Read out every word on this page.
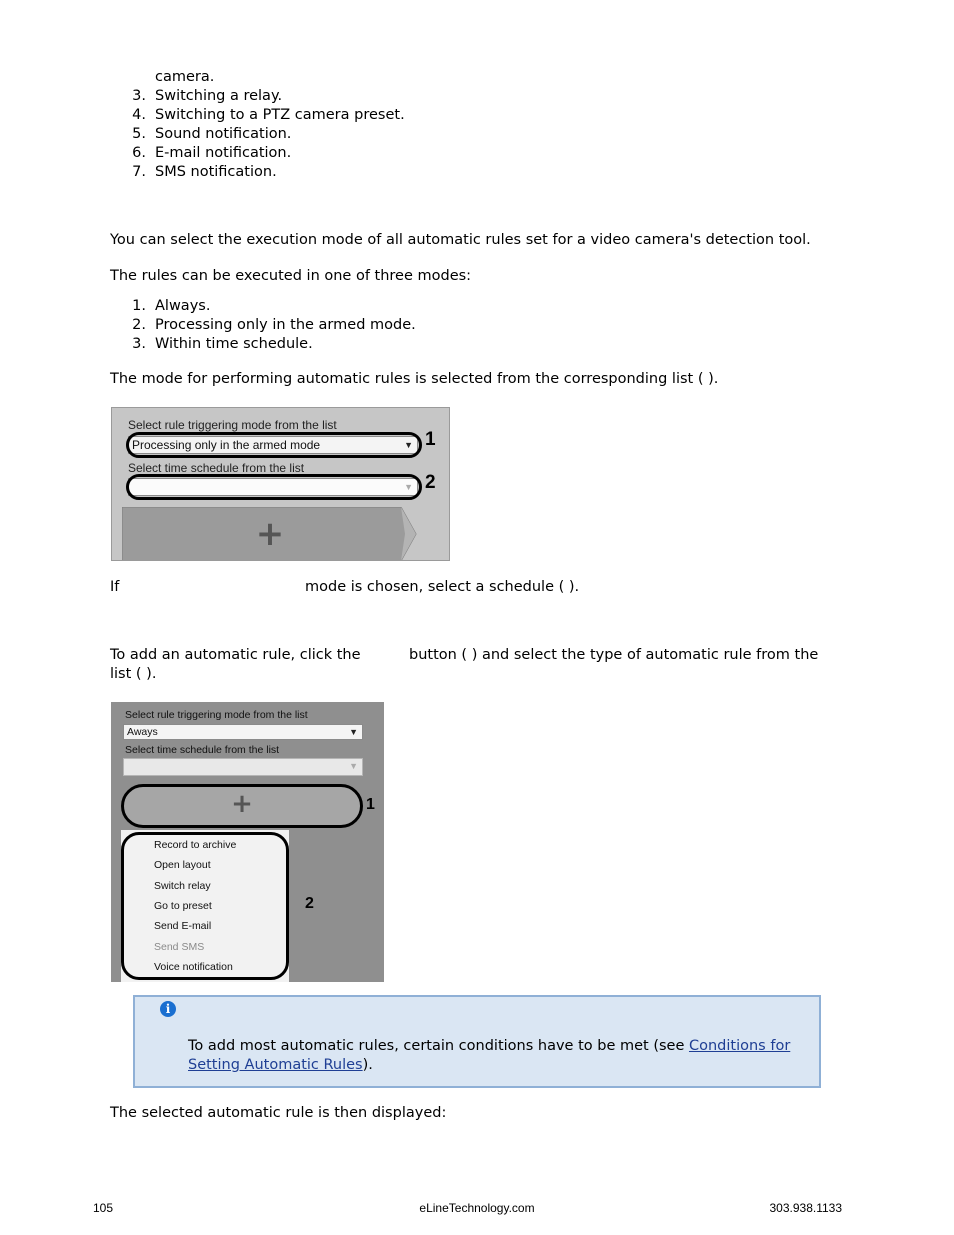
camera.
3. Switching a relay.
4. Switching to a PTZ camera preset.
5. Sound notification.
6. E-mail notification.
7. SMS notification.
You can select the execution mode of all automatic rules set for a video camera's detection tool.
The rules can be executed in one of three modes:
1. Always.
2. Processing only in the armed mode.
3. Within time schedule.
The mode for performing automatic rules is selected from the corresponding list ( ).
Select rule triggering mode from the list
Processing only in the armed mode	▼ 1
Select time schedule from the list
▼ 2
+
If	mode is chosen, select a schedule ( ).
To add an automatic rule, click the	button ( ) and select the type of automatic rule from the
list ( ).
Select rule triggering mode from the list
Aways	▼
Select time schedule from the list
▼
+	1
Record to archive
Open layout
Switch relay
Go to preset
Send E-mail
Send SMS
Voice notification
2
i
To add most automatic rules, certain conditions have to be met (see Conditions for Setting Automatic Rules).
The selected automatic rule is then displayed:
105	eLineTechnology.com	303.938.1133
